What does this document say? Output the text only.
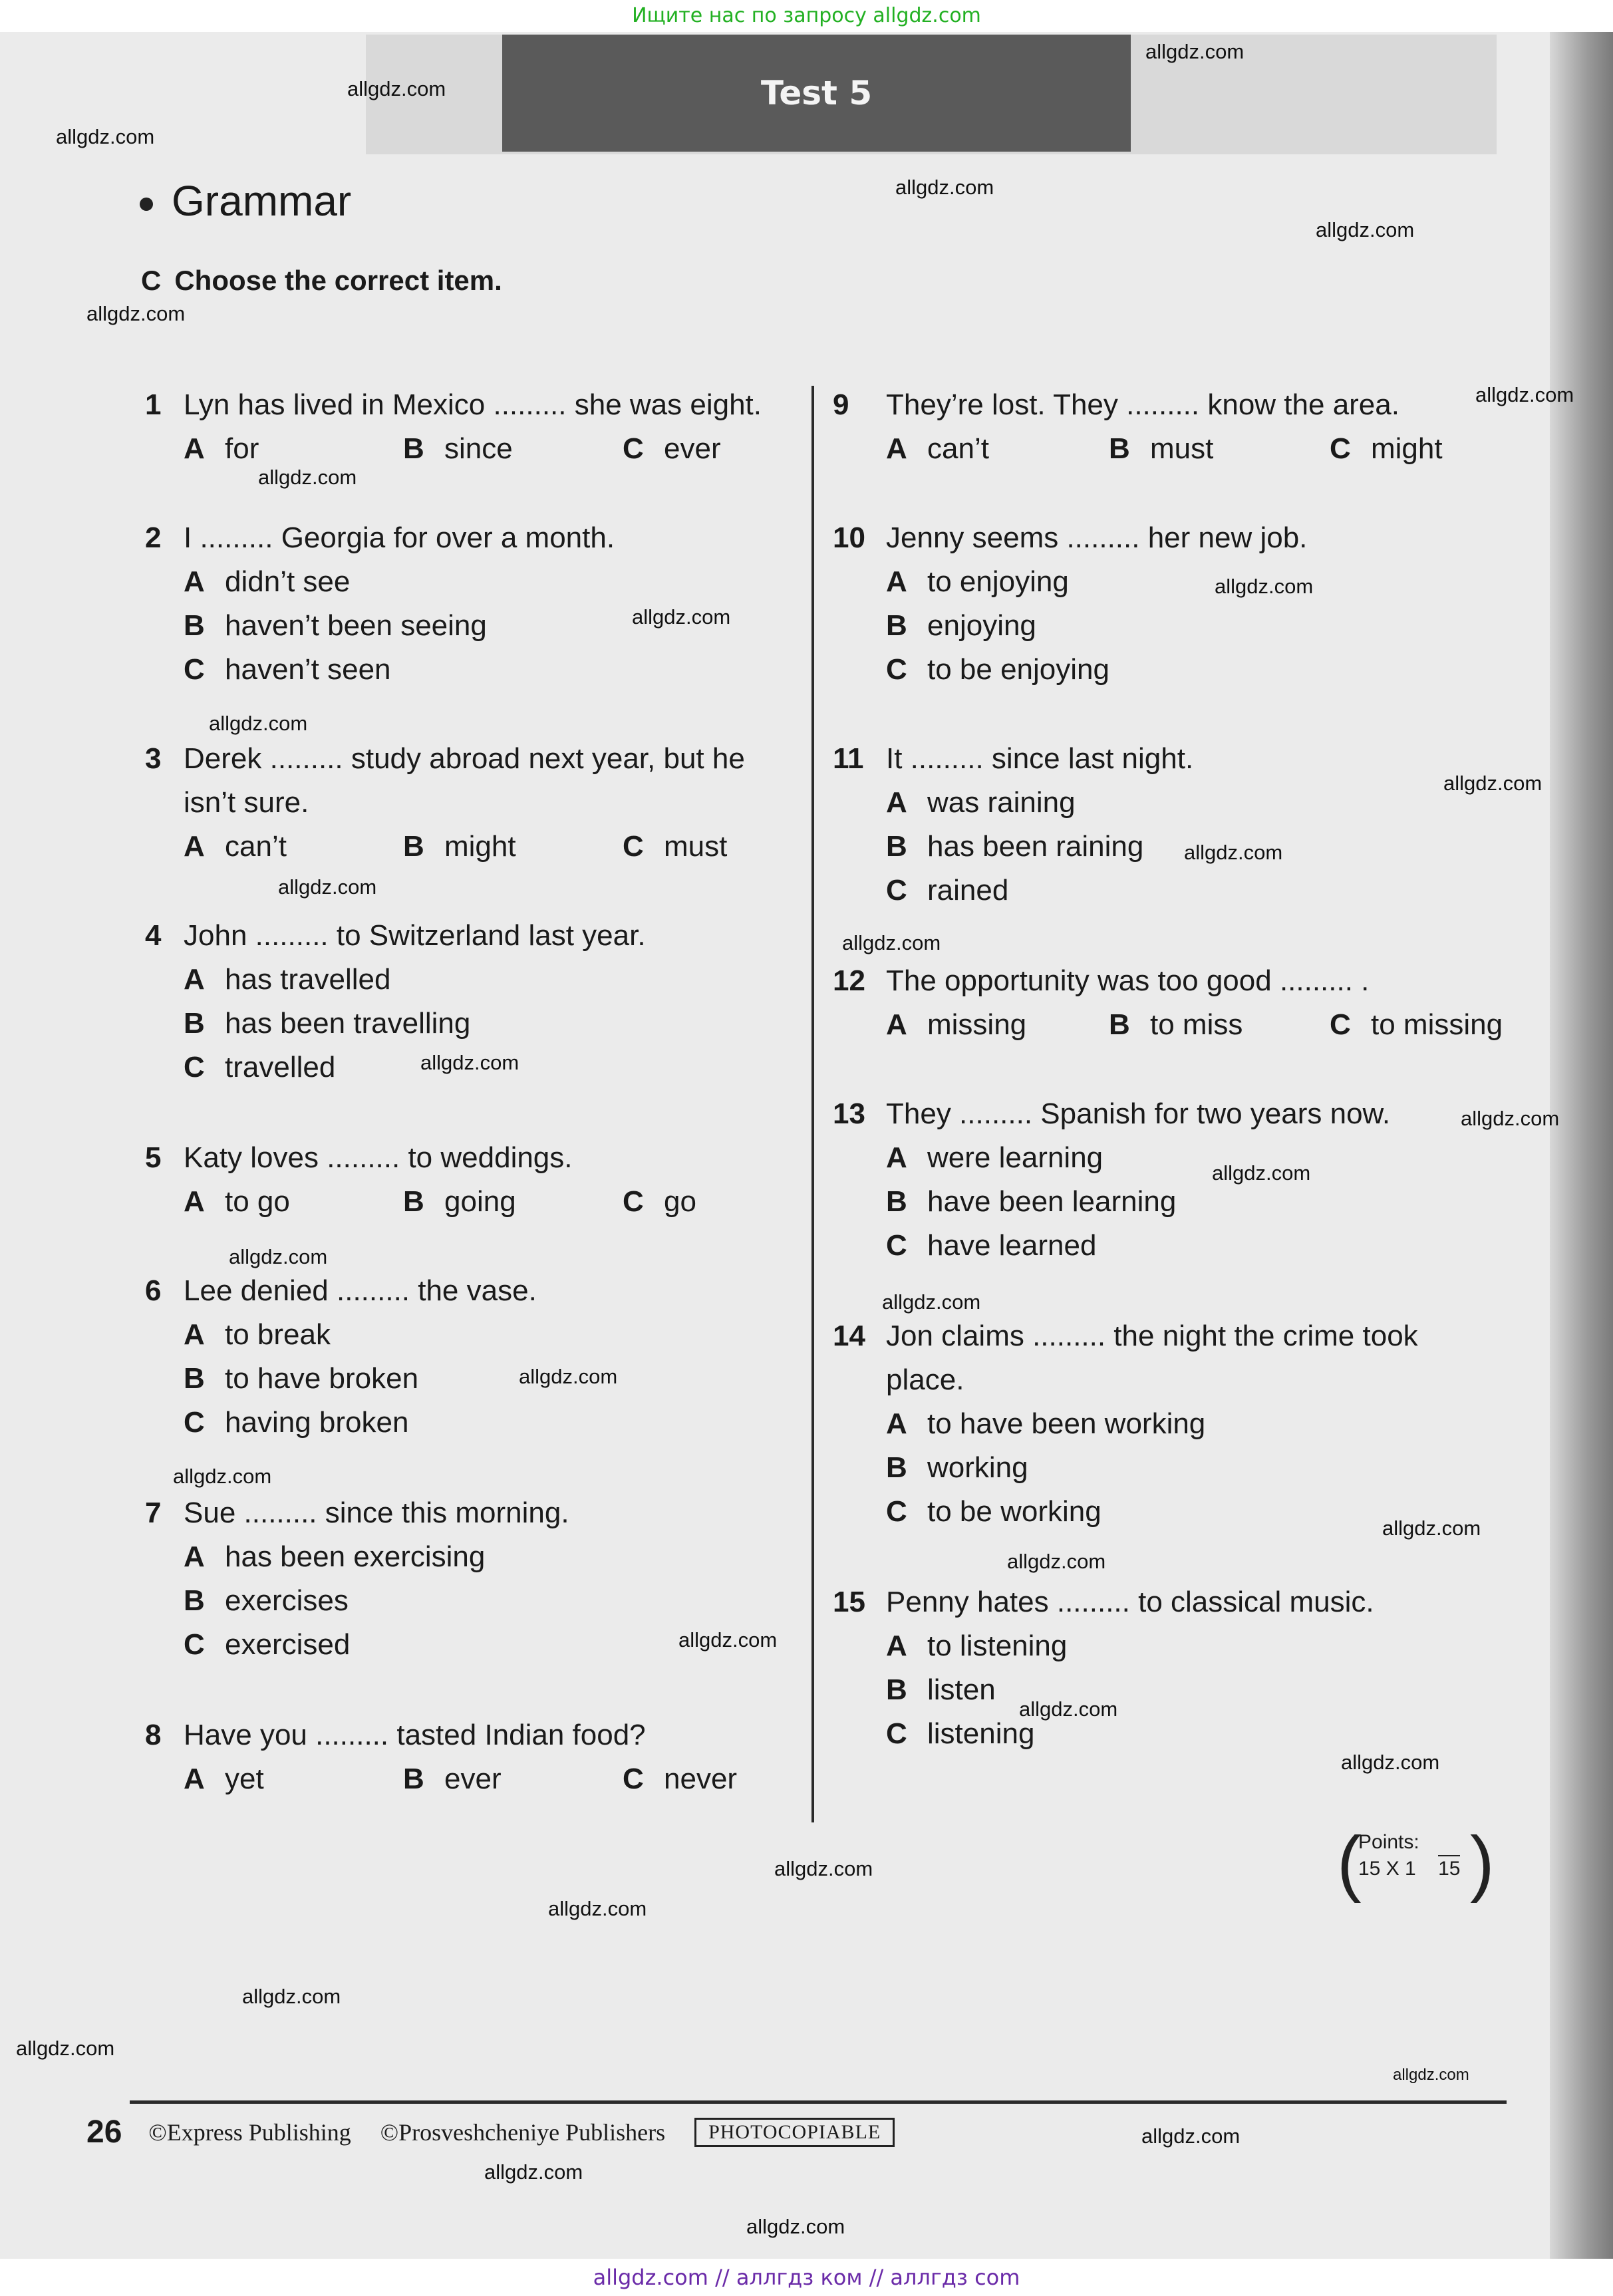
Ищите нас по запросу allgdz.com
Test 5
Grammar
C Choose the correct item.
1 Lyn has lived in Mexico ......... she was eight.
A for	B since	C ever
2 I ......... Georgia for over a month.
A didn’t see
B haven’t been seeing
C haven’t seen
3 Derek ......... study abroad next year, but he
isn’t sure.
A can’t	B might	C must
4 John ......... to Switzerland last year.
A has travelled
B has been travelling
C travelled
5 Katy loves ......... to weddings.
A to go	B going	C go
6 Lee denied ......... the vase.
A to break
B to have broken
C having broken
7 Sue ......... since this morning.
A has been exercising
B exercises
C exercised
8 Have you ......... tasted Indian food?
A yet	B ever	C never
9 They’re lost. They ......... know the area.
A can’t	B must	C might
10 Jenny seems ......... her new job.
A to enjoying
B enjoying
C to be enjoying
11 It ......... since last night.
A was raining
B has been raining
C rained
12 The opportunity was too good ......... .
A missing	B to miss	C to missing
13 They ......... Spanish for two years now.
A were learning
B have been learning
C have learned
14 Jon claims ......... the night the crime took
place.
A to have been working
B working
C to be working
15 Penny hates ......... to classical music.
A to listening
B listen
C listening
(
Points:
15 X 1 15 )
26 ©Express Publishing ©Prosveshcheniye Publishers	PHOTOCOPIABLE
allgdz.com
allgdz.com
allgdz.com
allgdz.com
allgdz.com
allgdz.com
allgdz.com
allgdz.com
allgdz.com
allgdz.com
allgdz.com
allgdz.com
allgdz.com
allgdz.com
allgdz.com
allgdz.com
allgdz.com
allgdz.com
allgdz.com
allgdz.com
allgdz.com
allgdz.com
allgdz.com
allgdz.com
allgdz.com
allgdz.com
allgdz.com
allgdz.com
allgdz.com
allgdz.com
allgdz.com
allgdz.com
allgdz.com
allgdz.com
allgdz.com
allgdz.com // аллгдз ком // аллгдз com
